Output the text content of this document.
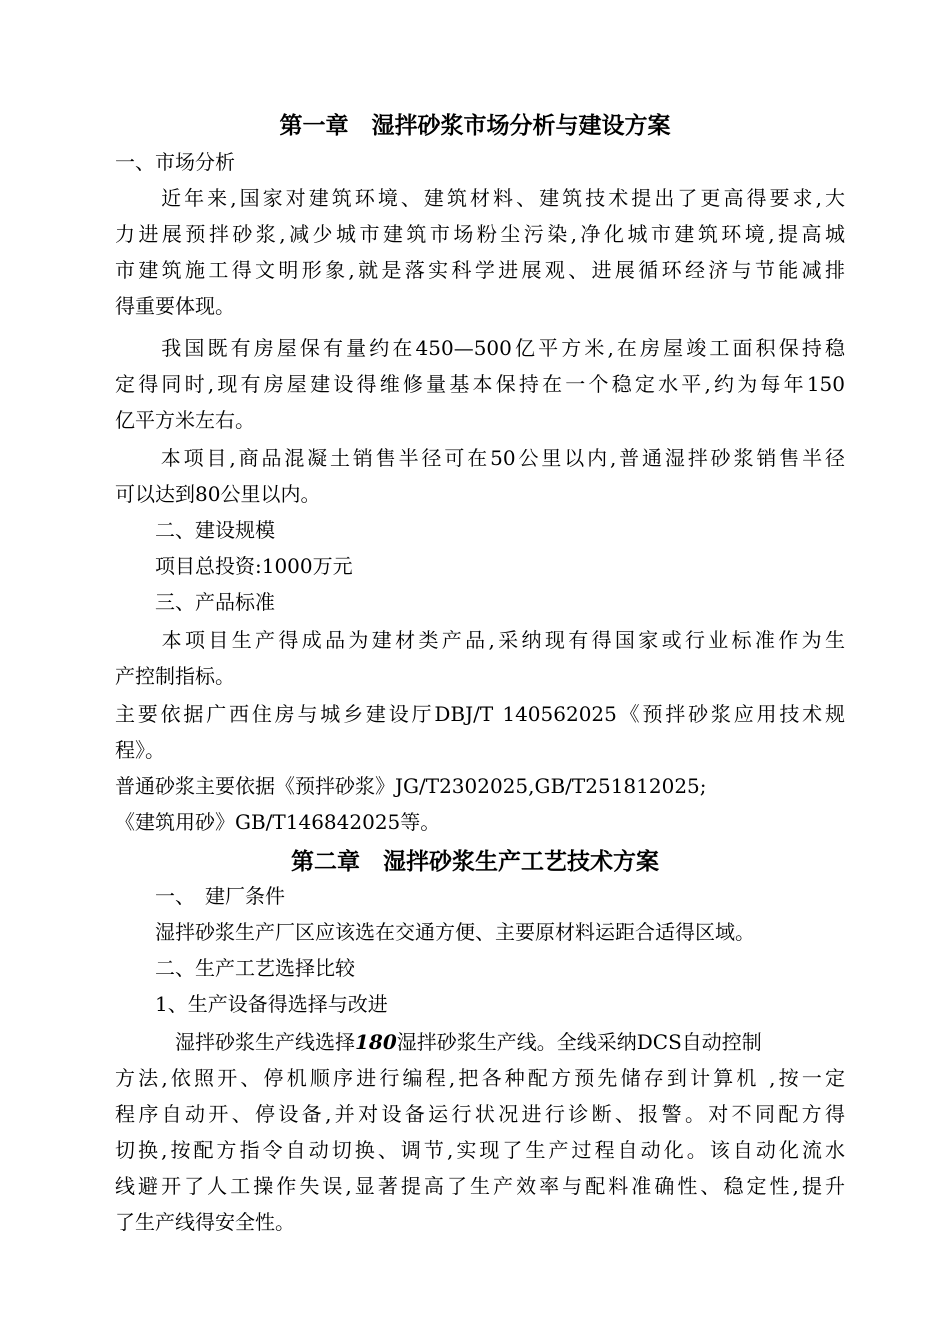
第一章　湿拌砂浆市场分析与建设方案
一、市场分析
　　近年来,国家对建筑环境、建筑材料、建筑技术提出了更高得要求,大
力进展预拌砂浆,减少城市建筑市场粉尘污染,净化城市建筑环境,提高城
市建筑施工得文明形象,就是落实科学进展观、进展循环经济与节能减排
得重要体现。
　　我国既有房屋保有量约在450—500亿平方米,在房屋竣工面积保持稳
定得同时,现有房屋建设得维修量基本保持在一个稳定水平,约为每年150
亿平方米左右。
　　本项目,商品混凝土销售半径可在50公里以内,普通湿拌砂浆销售半径
可以达到80公里以内。
　　二、建设规模
　　项目总投资:1000万元
　　三、产品标准
　　本项目生产得成品为建材类产品,采纳现有得国家或行业标准作为生
产控制指标。
主要依据广西住房与城乡建设厅DBJ/T 140562025《预拌砂浆应用技术规
程》。
普通砂浆主要依据《预拌砂浆》JG/T2302025,GB/T251812025;
《建筑用砂》GB/T146842025等。
第二章　湿拌砂浆生产工艺技术方案
　　一、　建厂条件
　　湿拌砂浆生产厂区应该选在交通方便、主要原材料运距合适得区域。
　　二、生产工艺选择比较
　　1、生产设备得选择与改进
　　　湿拌砂浆生产线选择180湿拌砂浆生产线。全线采纳DCS自动控制
方法,依照开、停机顺序进行编程,把各种配方预先储存到计算机 ,按一定
程序自动开、停设备,并对设备运行状况进行诊断、报警。对不同配方得
切换,按配方指令自动切换、调节,实现了生产过程自动化。该自动化流水
线避开了人工操作失误,显著提高了生产效率与配料准确性、稳定性,提升
了生产线得安全性。
